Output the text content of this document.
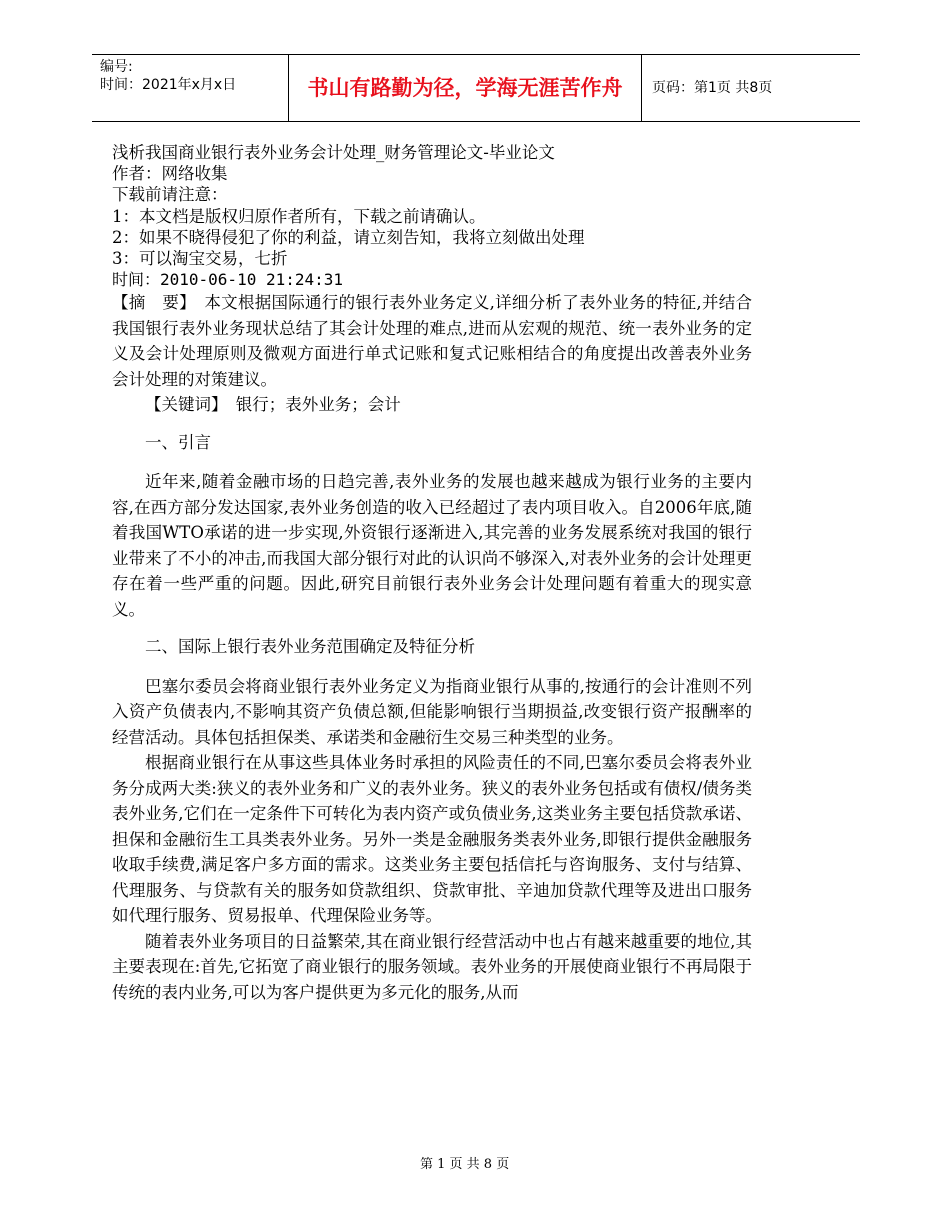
编号:
时间：2021年x月x日	书山有路勤为径，学海无涯苦作舟	页码：第1页 共8页
浅析我国商业银行表外业务会计处理_财务管理论文-毕业论文
作者：网络收集
下载前请注意：
1：本文档是版权归原作者所有，下载之前请确认。
2：如果不晓得侵犯了你的利益，请立刻告知，我将立刻做出处理
3：可以淘宝交易，七折
时间：2010-06-10 21:24:31
【摘　要】　本文根据国际通行的银行表外业务定义,详细分析了表外业务的特征,并结合我国银行表外业务现状总结了其会计处理的难点,进而从宏观的规范、统一表外业务的定义及会计处理原则及微观方面进行单式记账和复式记账相结合的角度提出改善表外业务会计处理的对策建议。
【关键词】　银行；表外业务；会计
一、引言
近年来,随着金融市场的日趋完善,表外业务的发展也越来越成为银行业务的主要内容,在西方部分发达国家,表外业务创造的收入已经超过了表内项目收入。自2006年底,随着我国WTO承诺的进一步实现,外资银行逐渐进入,其完善的业务发展系统对我国的银行业带来了不小的冲击,而我国大部分银行对此的认识尚不够深入,对表外业务的会计处理更存在着一些严重的问题。因此,研究目前银行表外业务会计处理问题有着重大的现实意义。
二、国际上银行表外业务范围确定及特征分析
巴塞尔委员会将商业银行表外业务定义为指商业银行从事的,按通行的会计准则不列入资产负债表内,不影响其资产负债总额,但能影响银行当期损益,改变银行资产报酬率的经营活动。具体包括担保类、承诺类和金融衍生交易三种类型的业务。
根据商业银行在从事这些具体业务时承担的风险责任的不同,巴塞尔委员会将表外业务分成两大类:狭义的表外业务和广义的表外业务。狭义的表外业务包括或有债权/债务类表外业务,它们在一定条件下可转化为表内资产或负债业务,这类业务主要包括贷款承诺、担保和金融衍生工具类表外业务。另外一类是金融服务类表外业务,即银行提供金融服务收取手续费,满足客户多方面的需求。这类业务主要包括信托与咨询服务、支付与结算、代理服务、与贷款有关的服务如贷款组织、贷款审批、辛迪加贷款代理等及进出口服务如代理行服务、贸易报单、代理保险业务等。
随着表外业务项目的日益繁荣,其在商业银行经营活动中也占有越来越重要的地位,其主要表现在:首先,它拓宽了商业银行的服务领域。表外业务的开展使商业银行不再局限于传统的表内业务,可以为客户提供更为多元化的服务,从而
第 1 页 共 8 页
